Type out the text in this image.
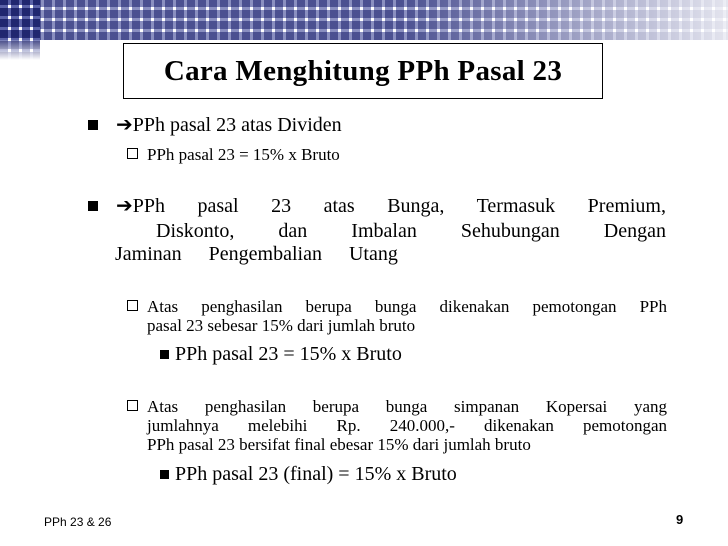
Cara Menghitung PPh Pasal 23
➔PPh pasal 23 atas Dividen
PPh pasal 23 = 15% x Bruto
➔PPh pasal 23 atas Bunga, Termasuk Premium,
Diskonto, dan Imbalan Sehubungan Dengan
Jaminan Pengembalian Utang
Atas penghasilan berupa bunga dikenakan pemotongan PPh
pasal 23 sebesar 15% dari jumlah bruto
PPh pasal 23 = 15% x Bruto
Atas penghasilan berupa bunga simpanan Kopersai yang
jumlahnya melebihi Rp. 240.000,- dikenakan pemotongan
PPh pasal 23 bersifat final ebesar 15% dari jumlah bruto
PPh pasal 23 (final) = 15% x Bruto
PPh 23 & 26	9
